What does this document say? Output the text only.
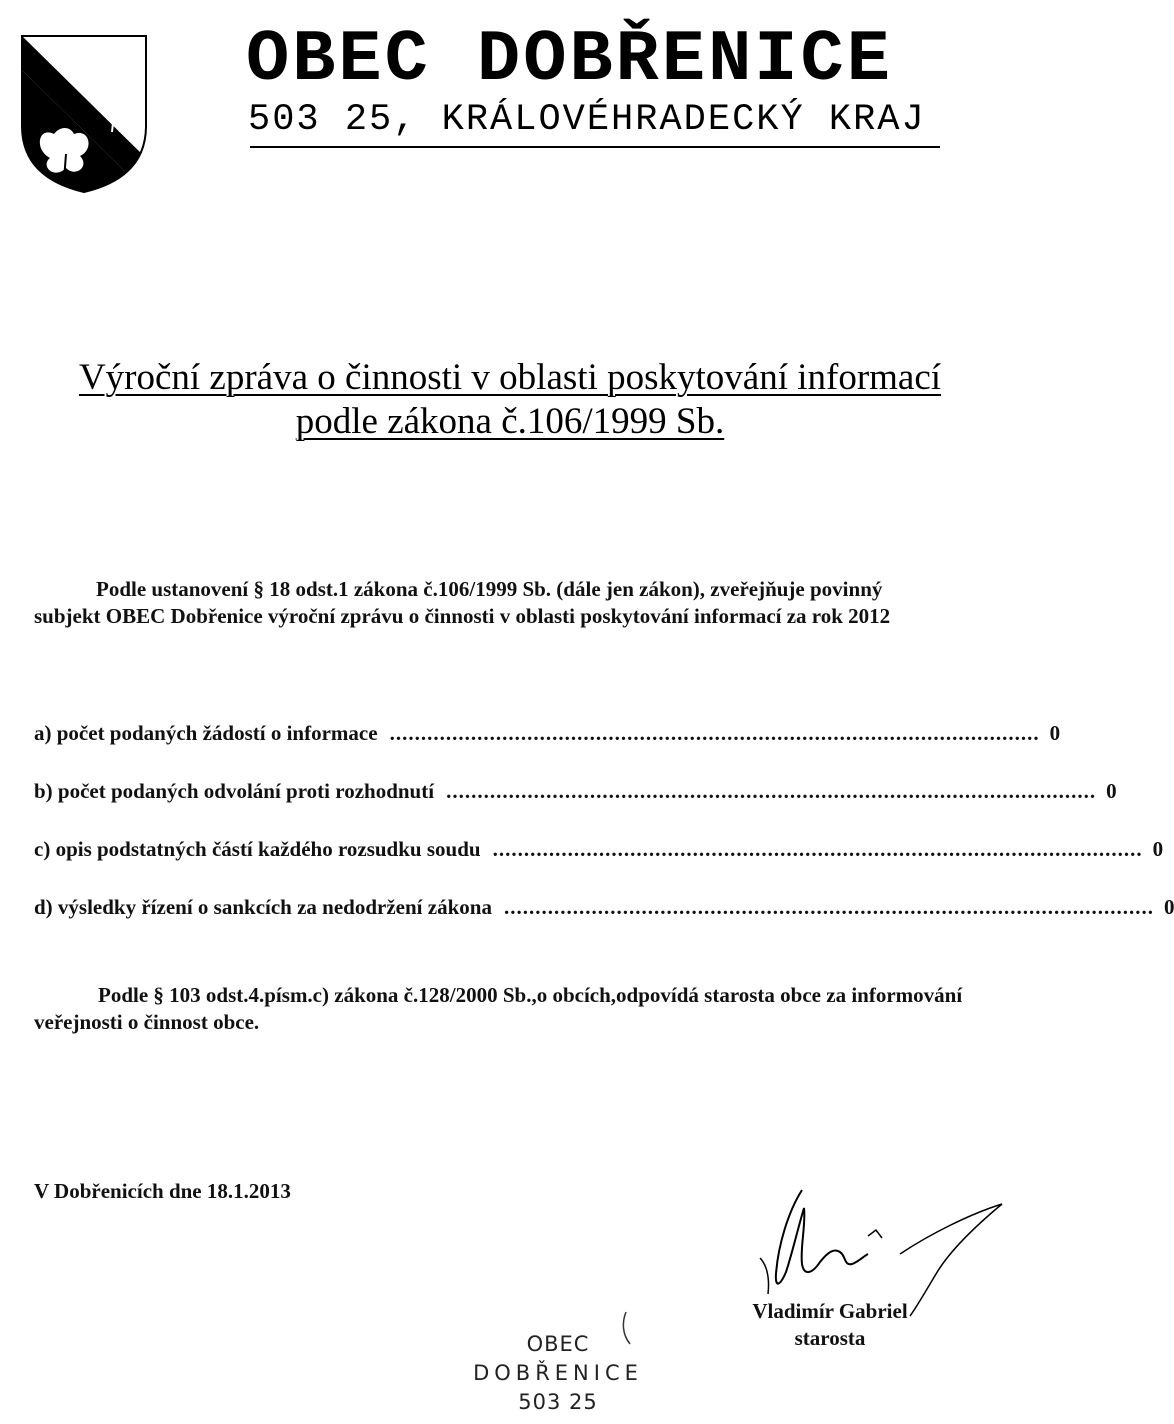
OBEC DOBŘENICE
503 25, KRÁLOVÉHRADECKÝ KRAJ
Výroční zpráva o činnosti v oblasti poskytování informací
podle zákona č.106/1999 Sb.
Podle ustanovení § 18 odst.1 zákona č.106/1999 Sb. (dále jen zákon), zveřejňuje povinný subjekt OBEC Dobřenice výroční zprávu o činnosti v oblasti poskytování informací za rok 2012
a) počet podaných žádostí o informace ........................................................................................................ 0
b) počet podaných odvolání proti rozhodnutí ........................................................................................................ 0
c) opis podstatných částí každého rozsudku soudu ........................................................................................................ 0
d) výsledky řízení o sankcích za nedodržení zákona ........................................................................................................ 0
Podle § 103 odst.4.písm.c) zákona č.128/2000 Sb.,o obcích,odpovídá starosta obce za informování veřejnosti o činnost obce.
V Dobřenicích dne 18.1.2013
Vladimír Gabriel
starosta
OBEC
DOBŘENICE
503 25
